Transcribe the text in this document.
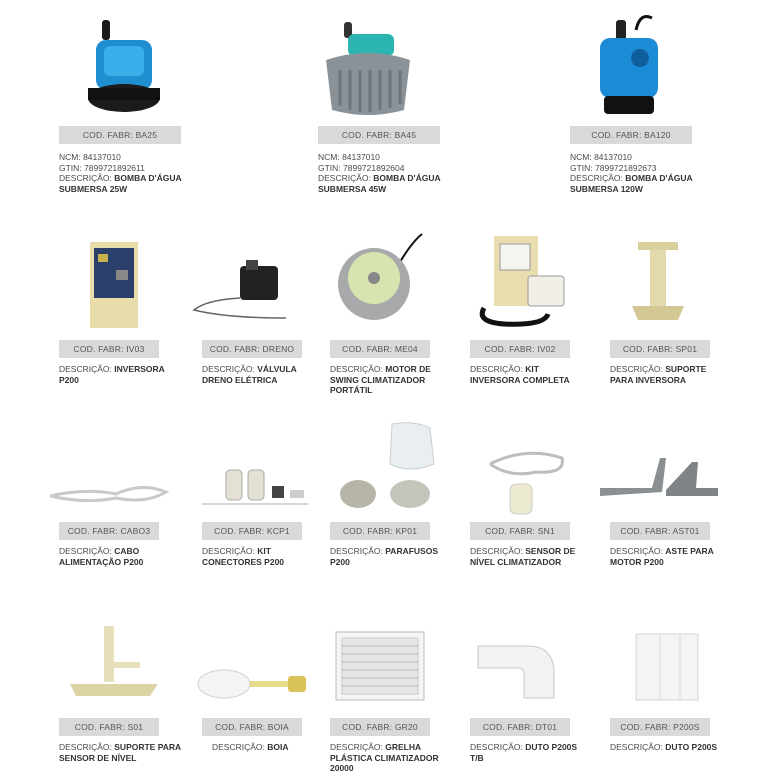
COD. FABR: BA25
NCM: 84137010
GTIN: 7899721892611
DESCRIÇÃO: BOMBA D'ÁGUA SUBMERSA 25W
COD. FABR: BA45
NCM: 84137010
GTIN: 7899721892604
DESCRIÇÃO: BOMBA D'ÁGUA SUBMERSA 45W
COD. FABR: BA120
NCM: 84137010
GTIN: 7899721892673
DESCRIÇÃO: BOMBA D'ÁGUA SUBMERSA 120W
COD. FABR: IV03
DESCRIÇÃO: INVERSORA P200
COD. FABR: DRENO
DESCRIÇÃO: VÁLVULA DRENO ELÉTRICA
COD. FABR: ME04
DESCRIÇÃO: MOTOR DE SWING CLIMATIZADOR PORTÁTIL
COD. FABR: IV02
DESCRIÇÃO: KIT INVERSORA COMPLETA
COD. FABR: SP01
DESCRIÇÃO: SUPORTE PARA INVERSORA
COD. FABR: CABO3
DESCRIÇÃO: CABO ALIMENTAÇÃO P200
COD. FABR: KCP1
DESCRIÇÃO: KIT CONECTORES P200
COD. FABR: KP01
DESCRIÇÃO: PARAFUSOS P200
COD. FABR: SN1
DESCRIÇÃO: SENSOR DE NÍVEL CLIMATIZADOR
COD. FABR: AST01
DESCRIÇÃO: ASTE PARA MOTOR P200
COD. FABR: S01
DESCRIÇÃO: SUPORTE PARA SENSOR DE NÍVEL
COD. FABR: BOIA
DESCRIÇÃO: BOIA
COD. FABR: GR20
DESCRIÇÃO: GRELHA PLÁSTICA CLIMATIZADOR 20000
COD. FABR: DT01
DESCRIÇÃO: DUTO P200S T/B
COD. FABR: P200S
DESCRIÇÃO: DUTO P200S
